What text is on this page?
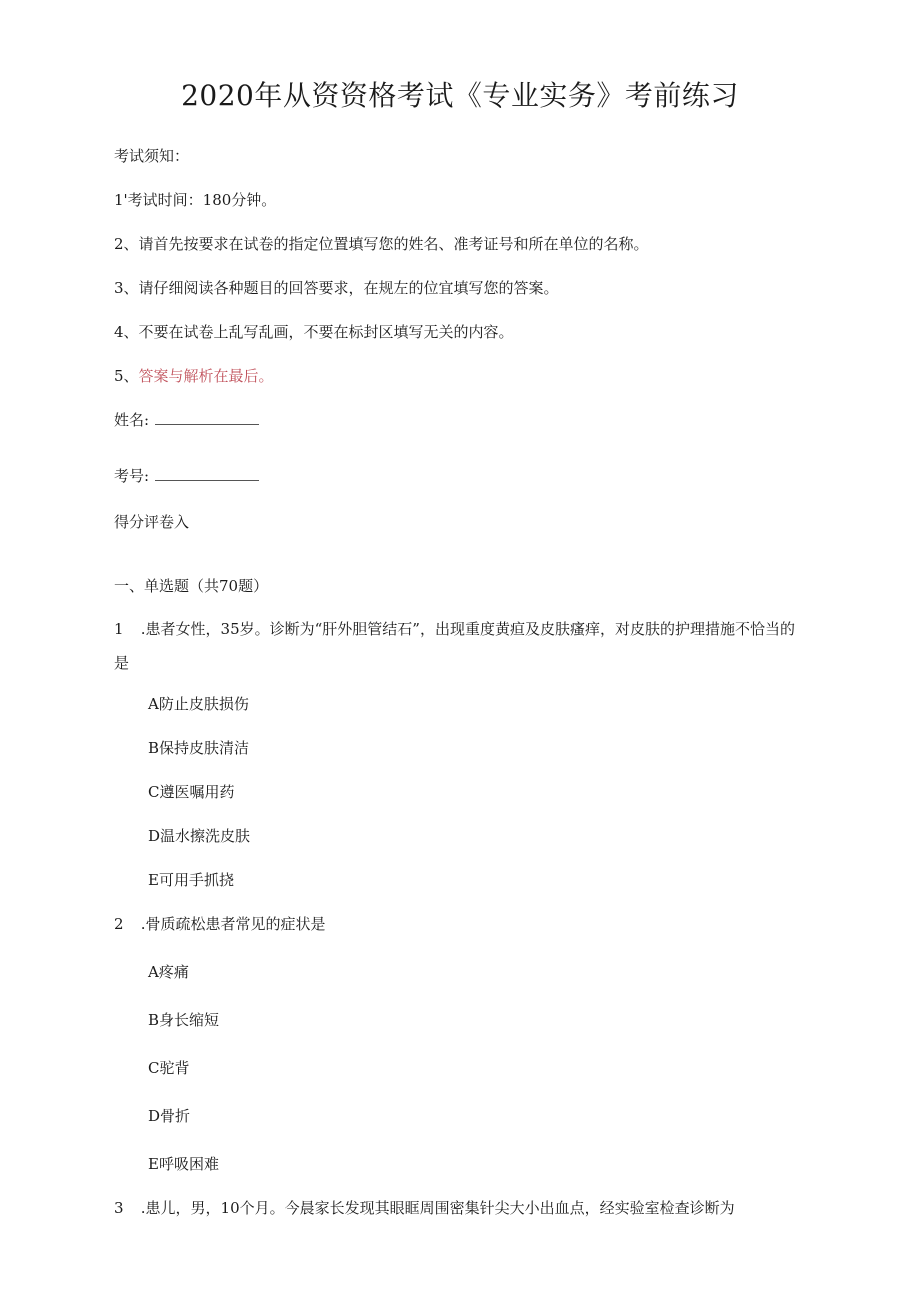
2020年从资资格考试《专业实务》考前练习
考试须知：
1'考试时间：180分钟。
2、请首先按要求在试卷的指定位置填写您的姓名、准考证号和所在单位的名称。
3、请仔细阅读各种题目的回答要求，在规左的位宜填写您的答案。
4、不要在试卷上乱写乱画，不要在标封区填写无关的内容。
5、答案与解析在最后。
姓名:
考号:
得分评卷入
一、单选题（共70题）
1 .患者女性，35岁。诊断为“肝外胆管结石”，出现重度黄疸及皮肤瘙痒，对皮肤的护理措施不恰当的是
A防止皮肤损伤
B保持皮肤清洁
C遵医嘱用药
D温水擦洗皮肤
E可用手抓挠
2 .骨质疏松患者常见的症状是
A疼痛
B身长缩短
C驼背
D骨折
E呼吸困难
3 .患儿，男，10个月。今晨家长发现其眼眶周围密集针尖大小出血点，经实验室检查诊断为
